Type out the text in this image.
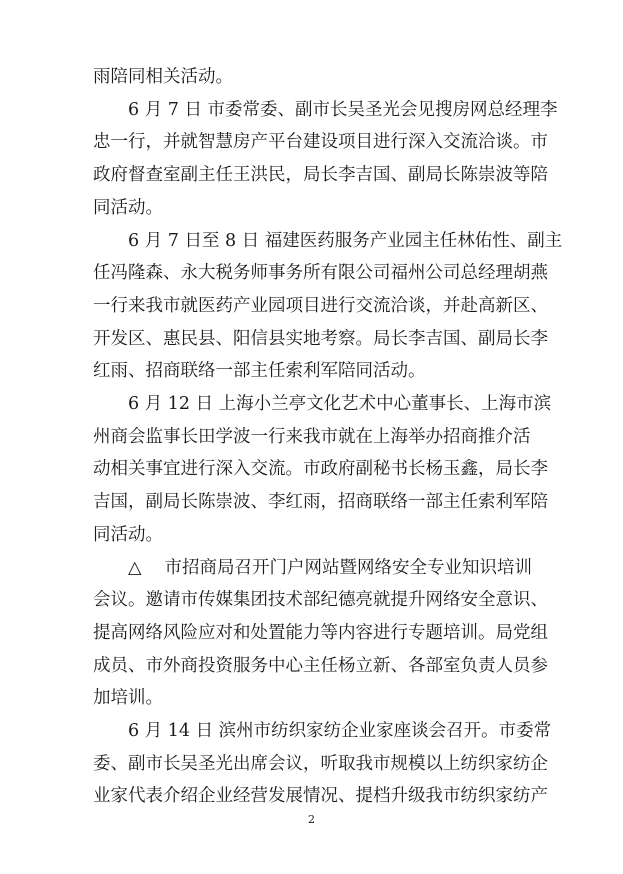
雨陪同相关活动。
6 月 7 日 市委常委、副市长吴圣光会见搜房网总经理李
忠一行，并就智慧房产平台建设项目进行深入交流洽谈。市
政府督查室副主任王洪民，局长李吉国、副局长陈崇波等陪
同活动。
6 月 7 日至 8 日 福建医药服务产业园主任林佑性、副主
任冯隆森、永大税务师事务所有限公司福州公司总经理胡燕
一行来我市就医药产业园项目进行交流洽谈，并赴高新区、
开发区、惠民县、阳信县实地考察。局长李吉国、副局长李
红雨、招商联络一部主任索利军陪同活动。
6 月 12 日 上海小兰亭文化艺术中心董事长、上海市滨
州商会监事长田学波一行来我市就在上海举办招商推介活
动相关事宜进行深入交流。市政府副秘书长杨玉鑫，局长李
吉国，副局长陈崇波、李红雨，招商联络一部主任索利军陪
同活动。
△　 市招商局召开门户网站暨网络安全专业知识培训
会议。邀请市传媒集团技术部纪德亮就提升网络安全意识、
提高网络风险应对和处置能力等内容进行专题培训。局党组
成员、市外商投资服务中心主任杨立新、各部室负责人员参
加培训。
6 月 14 日 滨州市纺织家纺企业家座谈会召开。市委常
委、副市长吴圣光出席会议，听取我市规模以上纺织家纺企
业家代表介绍企业经营发展情况、提档升级我市纺织家纺产
2
